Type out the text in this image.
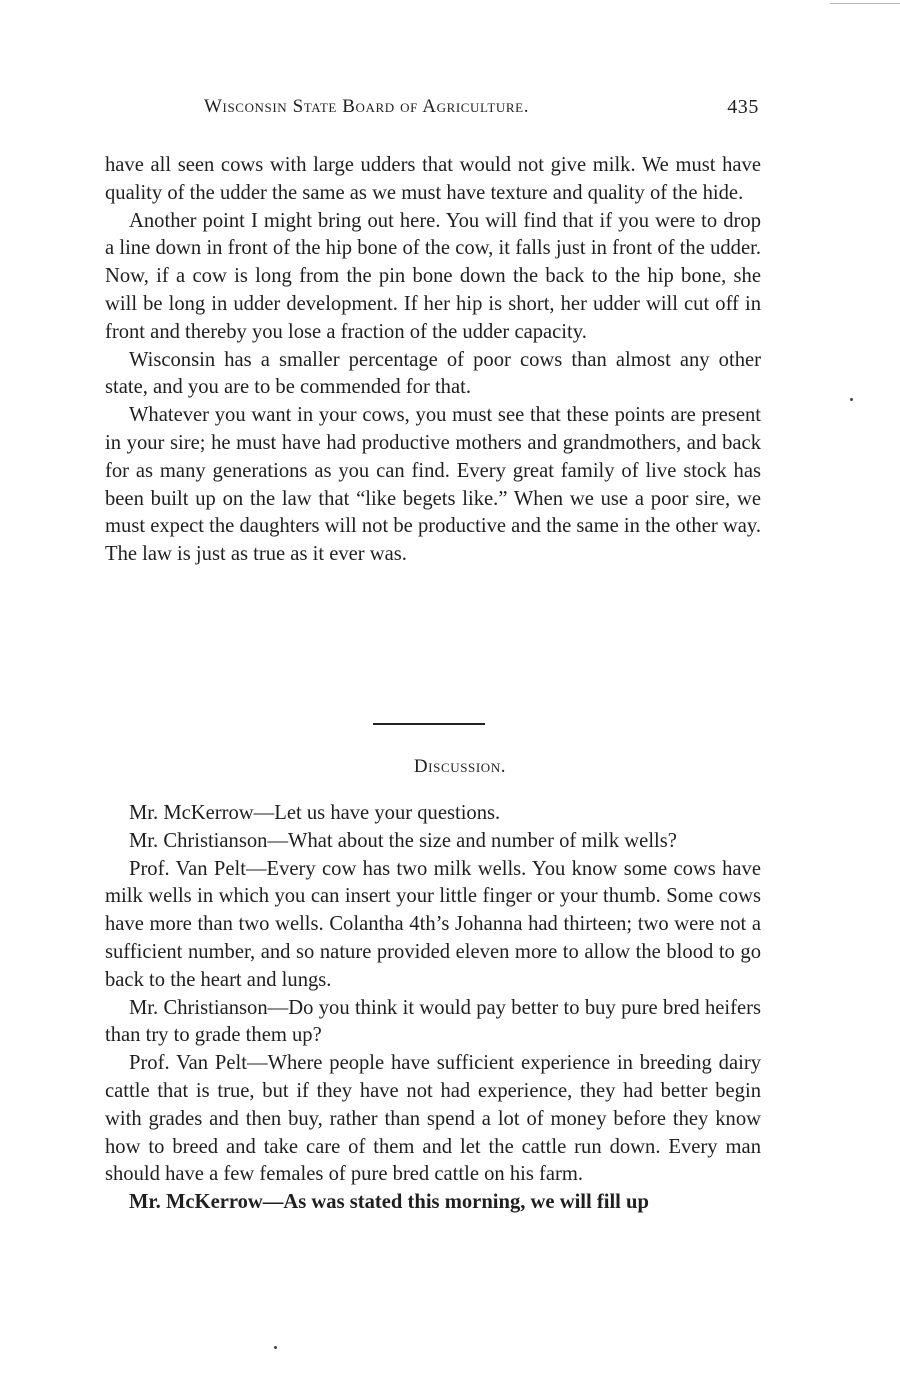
Wisconsin State Board of Agriculture.	435

have all seen cows with large udders that would not give milk. We must have quality of the udder the same as we must have texture and quality of the hide.

Another point I might bring out here. You will find that if you were to drop a line down in front of the hip bone of the cow, it falls just in front of the udder. Now, if a cow is long from the pin bone down the back to the hip bone, she will be long in udder development. If her hip is short, her udder will cut off in front and thereby you lose a fraction of the udder capacity.

Wisconsin has a smaller percentage of poor cows than almost any other state, and you are to be commended for that.

Whatever you want in your cows, you must see that these points are present in your sire; he must have had productive mothers and grandmothers, and back for as many generations as you can find. Every great family of live stock has been built up on the law that “like begets like.” When we use a poor sire, we must expect the daughters will not be productive and the same in the other way. The law is just as true as it ever was.

Discussion.

Mr. McKerrow—Let us have your questions.

Mr. Christianson—What about the size and number of milk wells?

Prof. Van Pelt—Every cow has two milk wells. You know some cows have milk wells in which you can insert your little finger or your thumb. Some cows have more than two wells. Colantha 4th’s Johanna had thirteen; two were not a sufficient number, and so nature provided eleven more to allow the blood to go back to the heart and lungs.

Mr. Christianson—Do you think it would pay better to buy pure bred heifers than try to grade them up?

Prof. Van Pelt—Where people have sufficient experience in breeding dairy cattle that is true, but if they have not had experience, they had better begin with grades and then buy, rather than spend a lot of money before they know how to breed and take care of them and let the cattle run down. Every man should have a few females of pure bred cattle on his farm.

Mr. McKerrow—As was stated this morning, we will fill up
